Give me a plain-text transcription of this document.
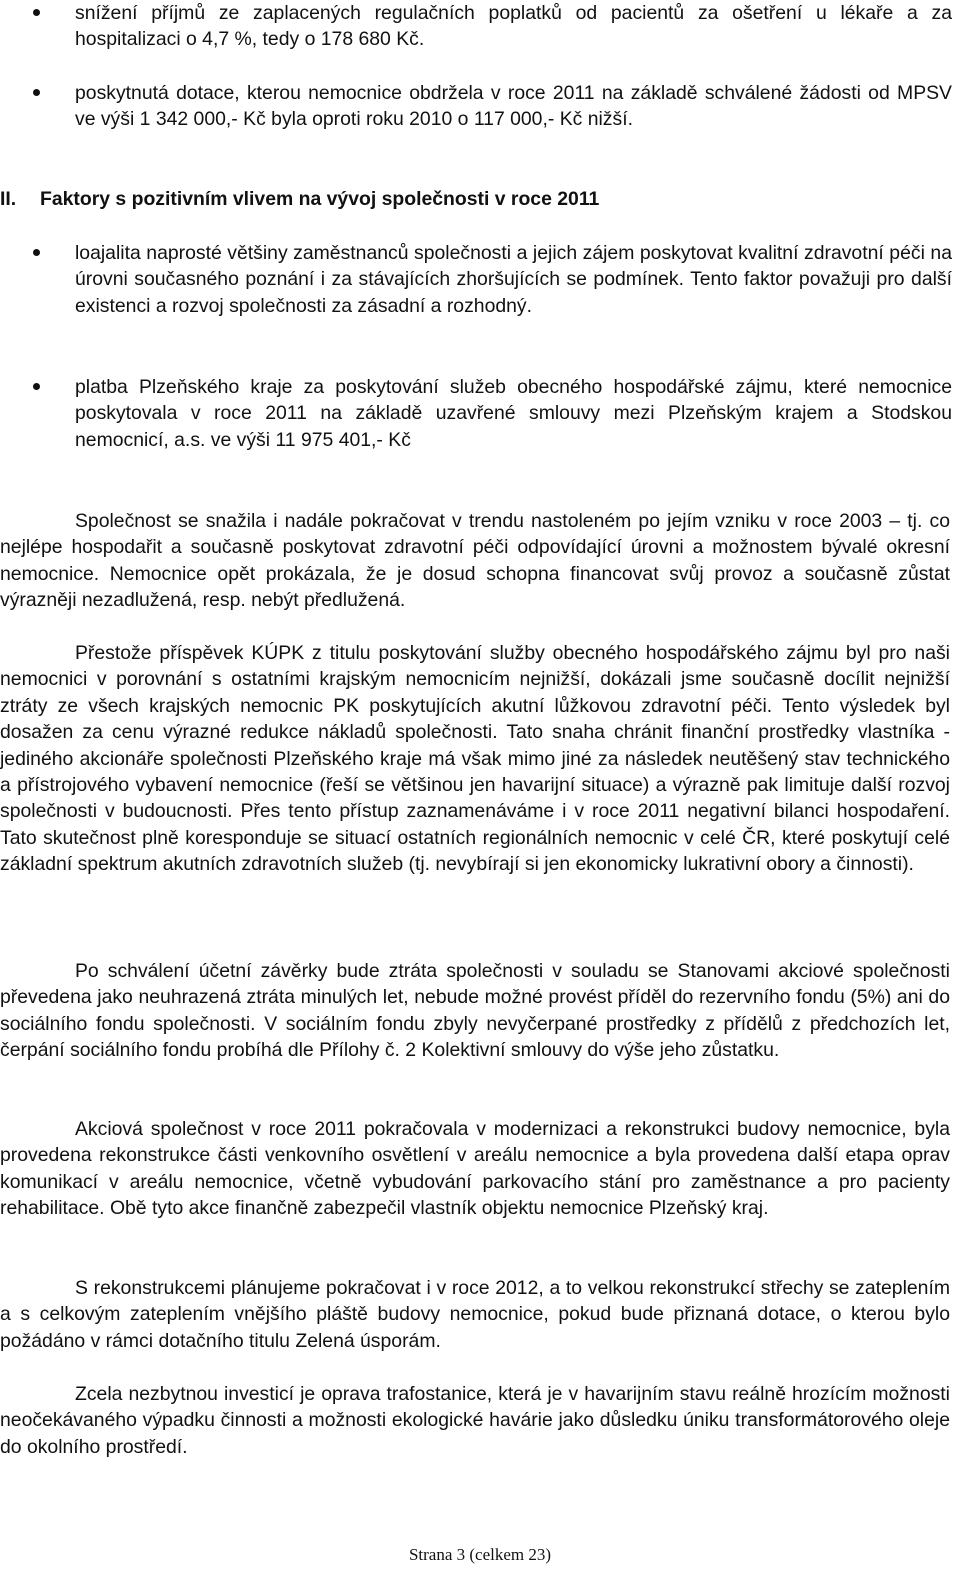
snížení příjmů ze zaplacených regulačních poplatků od pacientů za ošetření u lékaře a za hospitalizaci o 4,7 %, tedy o 178 680 Kč.

poskytnutá dotace, kterou nemocnice obdržela v roce 2011 na základě schválené žádosti od MPSV ve výši 1 342 000,- Kč byla oproti roku 2010 o 117 000,- Kč nižší.

II. Faktory s pozitivním vlivem na vývoj společnosti v roce 2011

loajalita naprosté většiny zaměstnanců společnosti a jejich zájem poskytovat kvalitní zdravotní péči na úrovni současného poznání i za stávajících zhoršujících se podmínek. Tento faktor považuji pro další existenci a rozvoj společnosti za zásadní a rozhodný.

platba Plzeňského kraje za poskytování služeb obecného hospodářské zájmu, které nemocnice poskytovala v roce 2011 na základě uzavřené smlouvy mezi Plzeňským krajem a Stodskou nemocnicí, a.s. ve výši 11 975 401,- Kč

Společnost se snažila i nadále pokračovat v trendu nastoleném po jejím vzniku v roce 2003 – tj. co nejlépe hospodařit a současně poskytovat zdravotní péči odpovídající úrovni a možnostem bývalé okresní nemocnice. Nemocnice opět prokázala, že je dosud schopna financovat svůj provoz a současně zůstat výrazněji nezadlužená, resp. nebýt předlužená.

Přestože příspěvek KÚPK z titulu poskytování služby obecného hospodářského zájmu byl pro naši nemocnici v porovnání s ostatními krajským nemocnicím nejnižší, dokázali jsme současně docílit nejnižší ztráty ze všech krajských nemocnic PK poskytujících akutní lůžkovou zdravotní péči. Tento výsledek byl dosažen za cenu výrazné redukce nákladů společnosti. Tato snaha chránit finanční prostředky vlastníka - jediného akcionáře společnosti Plzeňského kraje má však mimo jiné za následek neutěšený stav technického a přístrojového vybavení nemocnice (řeší se většinou jen havarijní situace) a výrazně pak limituje další rozvoj společnosti v budoucnosti. Přes tento přístup zaznamenáváme i v roce 2011 negativní bilanci hospodaření. Tato skutečnost plně koresponduje se situací ostatních regionálních nemocnic v celé ČR, které poskytují celé základní spektrum akutních zdravotních služeb (tj. nevybírají si jen ekonomicky lukrativní obory a činnosti).

Po schválení účetní závěrky bude ztráta společnosti v souladu se Stanovami akciové společnosti převedena jako neuhrazená ztráta minulých let, nebude možné provést příděl do rezervního fondu (5%) ani do sociálního fondu společnosti. V sociálním fondu zbyly nevyčerpané prostředky z přídělů z předchozích let, čerpání sociálního fondu probíhá dle Přílohy č. 2 Kolektivní smlouvy do výše jeho zůstatku.

Akciová společnost v roce 2011 pokračovala v modernizaci a rekonstrukci budovy nemocnice, byla provedena rekonstrukce části venkovního osvětlení v areálu nemocnice a byla provedena další etapa oprav komunikací v areálu nemocnice, včetně vybudování parkovacího stání pro zaměstnance a pro pacienty rehabilitace. Obě tyto akce finančně zabezpečil vlastník objektu nemocnice Plzeňský kraj.

S rekonstrukcemi plánujeme pokračovat i v roce 2012, a to velkou rekonstrukcí střechy se zateplením a s celkovým zateplením vnějšího pláště budovy nemocnice, pokud bude přiznaná dotace, o kterou bylo požádáno v rámci dotačního titulu Zelená úsporám.

Zcela nezbytnou investicí je oprava trafostanice, která je v havarijním stavu reálně hrozícím možnosti neočekávaného výpadku činnosti a možnosti ekologické havárie jako důsledku úniku transformátorového oleje do okolního prostředí.

Strana 3 (celkem 23)
